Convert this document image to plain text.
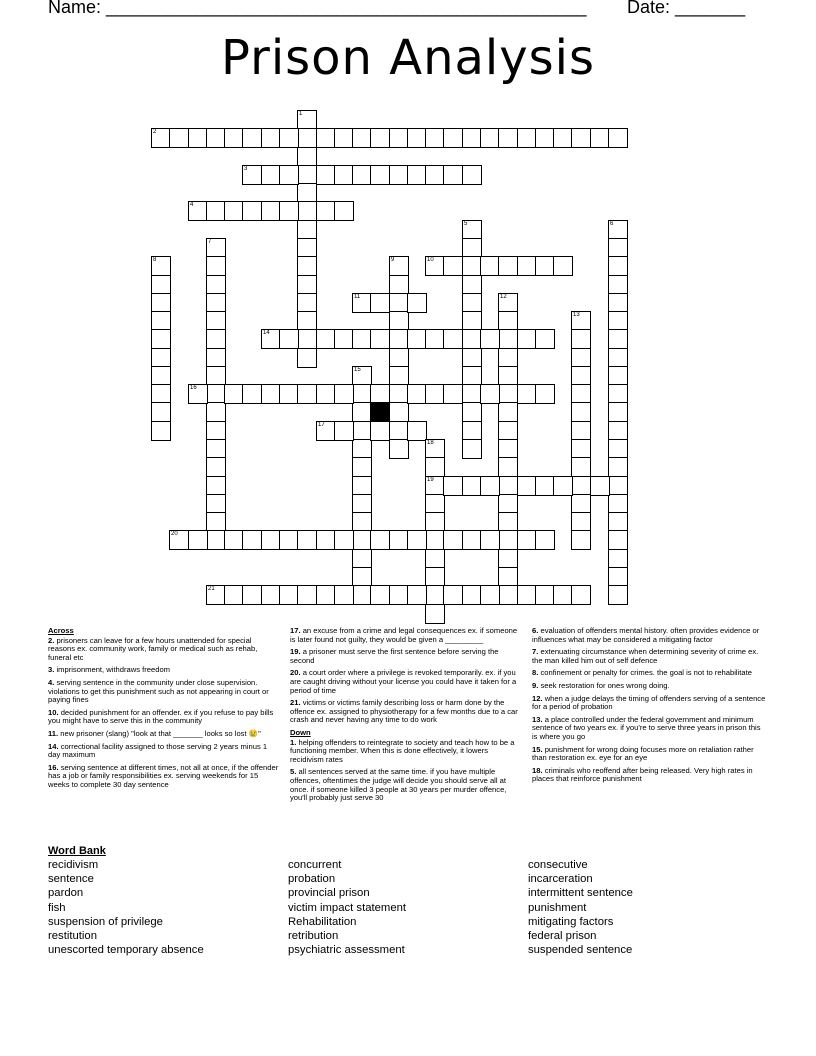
Name: ________________________________________________ Date: _______
Prison Analysis
1
2
3
4
5	6
7
8	9	10
11	12
13
14
15
16
17
18
19
20
21
Across
2. prisoners can leave for a few hours unattended for special reasons ex. community work, family or medical such as rehab, funeral etc
3. imprisonment, withdraws freedom
4. serving sentence in the community under close supervision. violations to get this punishment such as not appearing in court or paying fines
10. decided punishment for an offender. ex if you refuse to pay bills you might have to serve this in the community
11. new prisoner (slang) "look at that _______ looks so lost 😢"
14. correctional facility assigned to those serving 2 years minus 1 day maximum
16. serving sentence at different times, not all at once, if the offender has a job or family responsibilities ex. serving weekends for 15 weeks to complete 30 day sentence
17. an excuse from a crime and legal consequences ex. if someone is later found not guilty, they would be given a _________
19. a prisoner must serve the first sentence before serving the second
20. a court order where a privilege is revoked temporarily. ex. if you are caught driving without your license you could have it taken for a period of time
21. victims or victims family describing loss or harm done by the offence ex. assigned to physiotherapy for a few months due to a car crash and never having any time to do work
Down
1. helping offenders to reintegrate to society and teach how to be a functioning member. When this is done effectively, it lowers recidivism rates
5. all sentences served at the same time. if you have multiple offences, oftentimes the judge will decide you should serve all at once. if someone killed 3 people at 30 years per murder offence, you'll probably just serve 30
6. evaluation of offenders mental history. often provides evidence or influences what may be considered a mitigating factor
7. extenuating circumstance when determining severity of crime ex. the man killed him out of self defence
8. confinement or penalty for crimes. the goal is not to rehabilitate
9. seek restoration for ones wrong doing.
12. when a judge delays the timing of offenders serving of a sentence for a period of probation
13. a place controlled under the federal government and minimum sentence of two years ex. if you're to serve three years in prison this is where you go
15. punishment for wrong doing focuses more on retaliation rather than restoration ex. eye for an eye
18. criminals who reoffend after being released. Very high rates in places that reinforce punishment
Word Bank
recidivism
sentence
pardon
fish
suspension of privilege
restitution
unescorted temporary absence
concurrent
probation
provincial prison
victim impact statement
Rehabilitation
retribution
psychiatric assessment
consecutive
incarceration
intermittent sentence
punishment
mitigating factors
federal prison
suspended sentence
